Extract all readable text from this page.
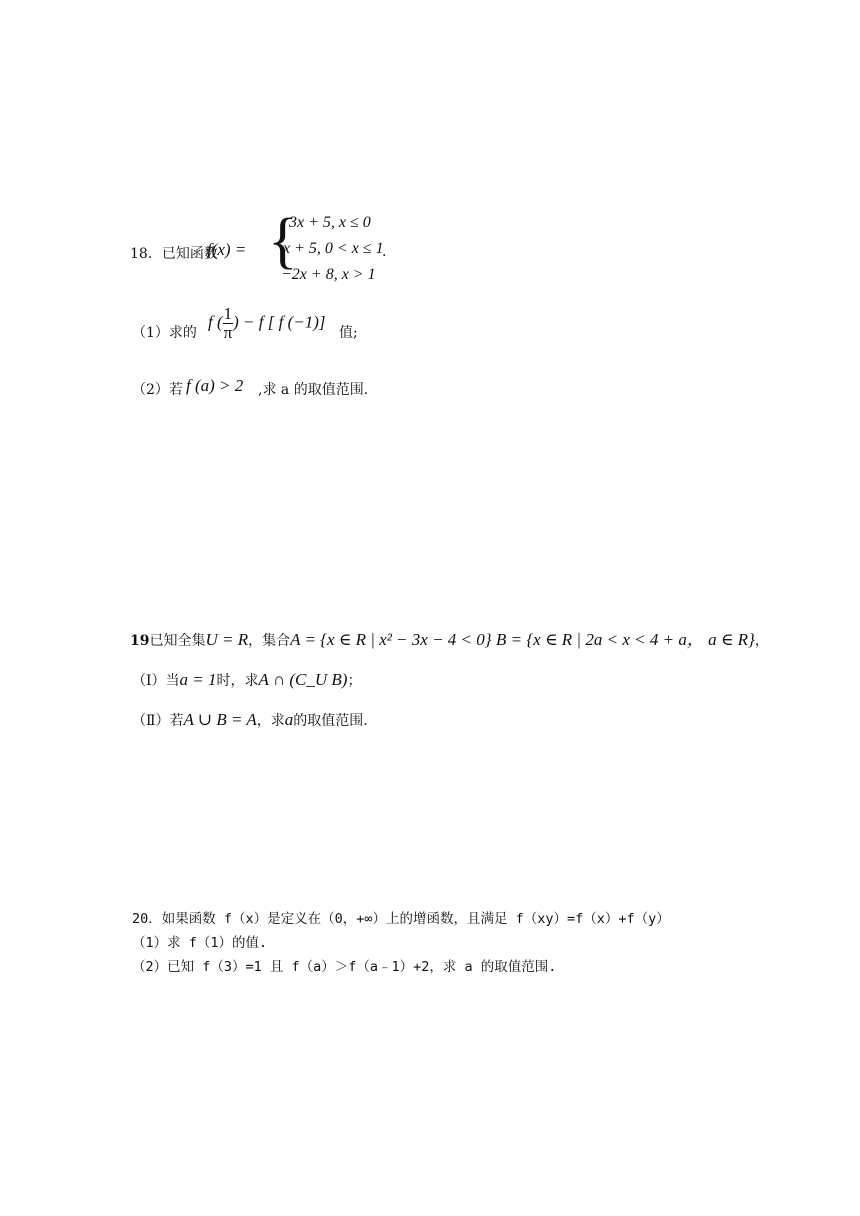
18．已知函数
f(x) = {
3x + 5, x ≤ 0
x + 5, 0 < x ≤ 1
.
−2x + 8, x > 1
（1）求的
f ( $\frac{1}{\pi}$ ) − f [ f (−1)]
值;
（2）若 f (a) > 2 ,求 a 的取值范围.
19已知全集U = R，集合A = {x ∈ R | x² − 3x − 4 < 0} B = {x ∈ R | 2a < x < 4 + a， a ∈ R}，
（Ⅰ）当a = 1时，求A ∩ (C_U B)；
（Ⅱ）若A ∪ B = A，求a的取值范围.
20．如果函数 f（x）是定义在（0，+∞）上的增函数，且满足 f（xy）=f（x）+f（y）
（1）求 f（1）的值.
（2）已知 f（3）=1 且 f（a）＞f（a﹣1）+2，求 a 的取值范围.
